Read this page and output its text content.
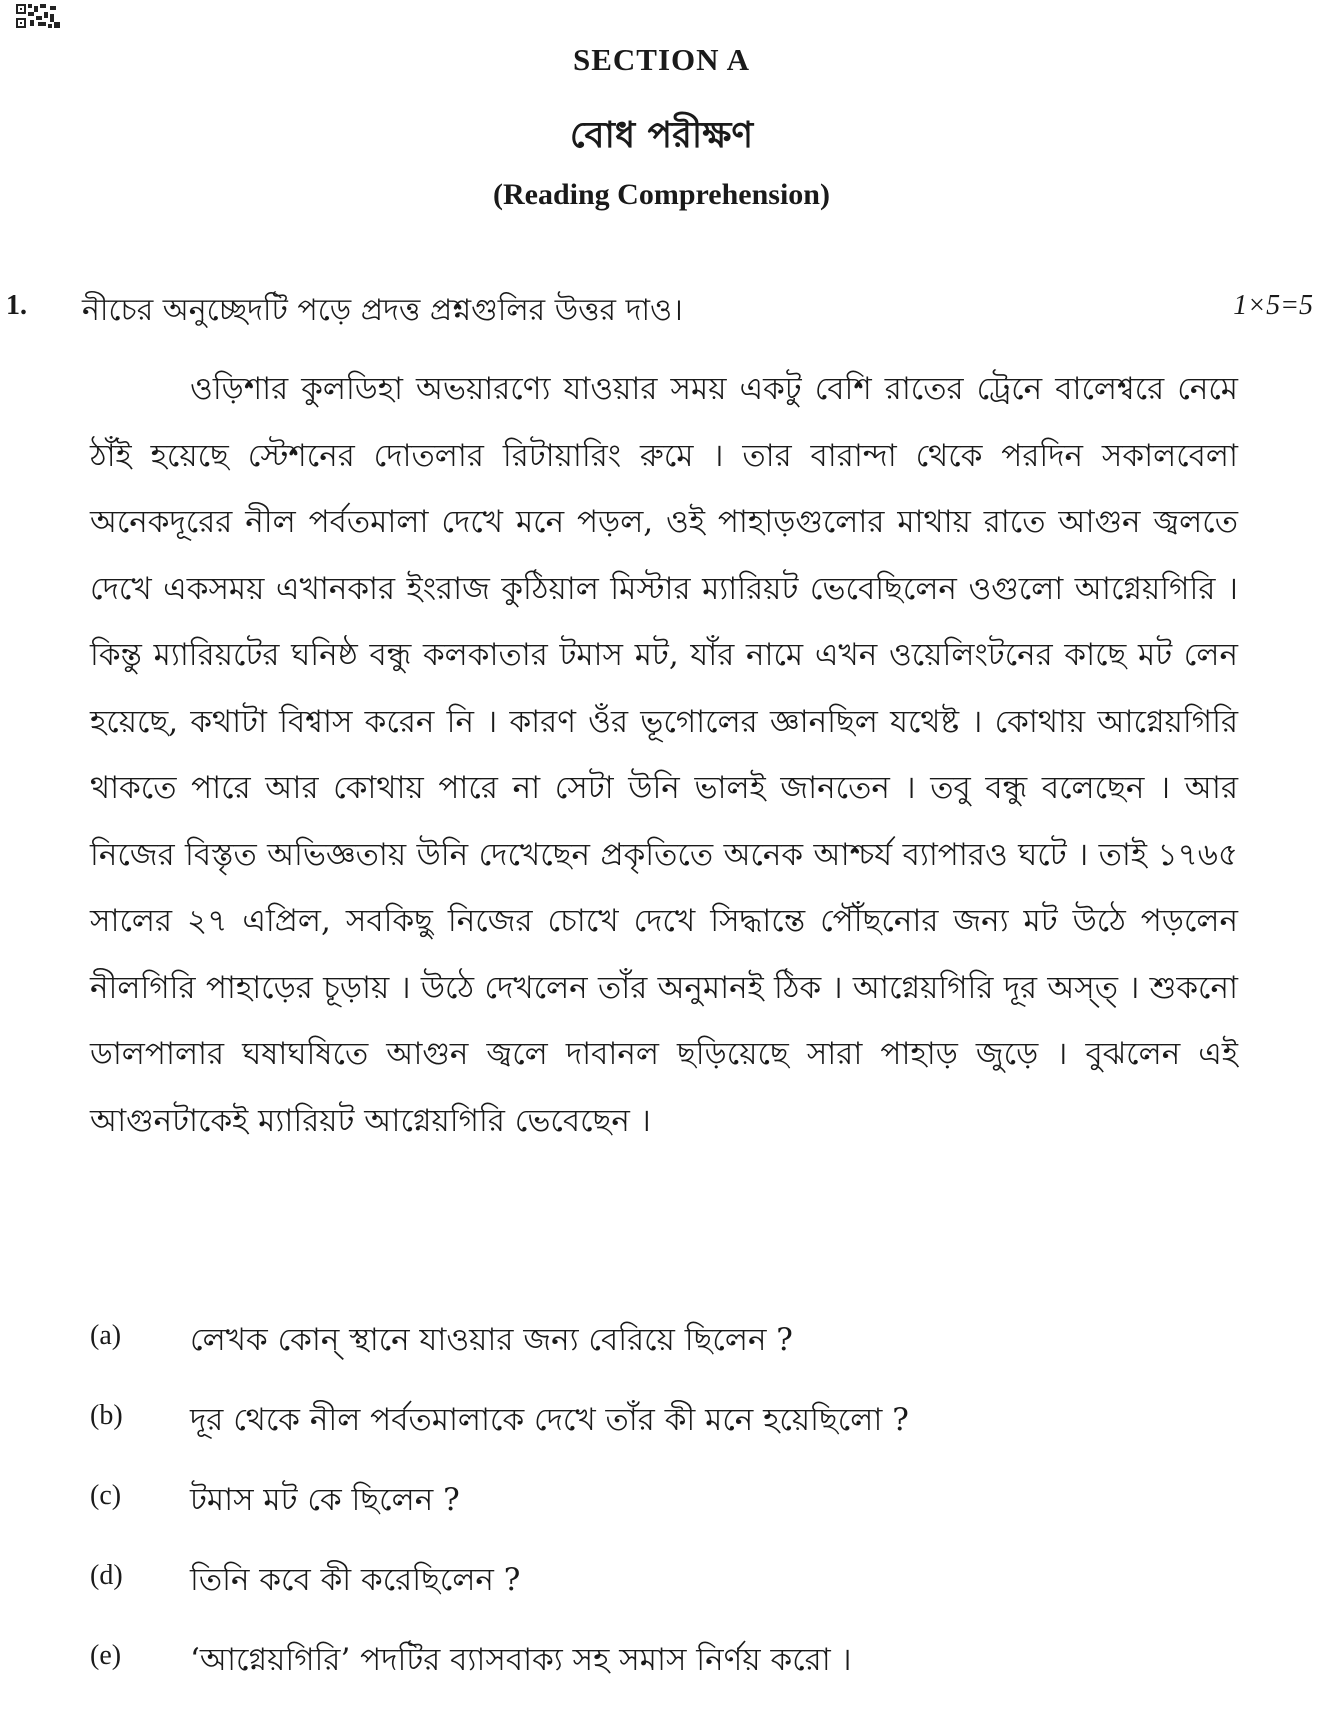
SECTION A
বোধ পরীক্ষণ
(Reading Comprehension)
1. নীচের অনুচ্ছেদটি পড়ে প্রদত্ত প্রশ্নগুলির উত্তর দাও।	1×5=5

ওড়িশার কুলডিহা অভয়ারণ্যে যাওয়ার সময় একটু বেশি রাতের ট্রেনে বালেশ্বরে নেমে ঠাঁই হয়েছে স্টেশনের দোতলার রিটায়ারিং রুমে । তার বারান্দা থেকে পরদিন সকালবেলা অনেকদূরের নীল পর্বতমালা দেখে মনে পড়ল, ওই পাহাড়গুলোর মাথায় রাতে আগুন জ্বলতে দেখে একসময় এখানকার ইংরাজ কুঠিয়াল মিস্টার ম্যারিয়ট ভেবেছিলেন ওগুলো আগ্নেয়গিরি । কিন্তু ম্যারিয়টের ঘনিষ্ঠ বন্ধু কলকাতার টমাস মট, যাঁর নামে এখন ওয়েলিংটনের কাছে মট লেন হয়েছে, কথাটা বিশ্বাস করেন নি । কারণ ওঁর ভূগোলের জ্ঞানছিল যথেষ্ট । কোথায় আগ্নেয়গিরি থাকতে পারে আর কোথায় পারে না সেটা উনি ভালই জানতেন । তবু বন্ধু বলেছেন । আর নিজের বিস্তৃত অভিজ্ঞতায় উনি দেখেছেন প্রকৃতিতে অনেক আশ্চর্য ব্যাপারও ঘটে । তাই ১৭৬৫ সালের ২৭ এপ্রিল, সবকিছু নিজের চোখে দেখে সিদ্ধান্তে পৌঁছনোর জন্য মট উঠে পড়লেন নীলগিরি পাহাড়ের চূড়ায় । উঠে দেখলেন তাঁর অনুমানই ঠিক । আগ্নেয়গিরি দূর অস্ত্ । শুকনো ডালপালার ঘষাঘষিতে আগুন জ্বলে দাবানল ছড়িয়েছে সারা পাহাড় জুড়ে । বুঝলেন এই আগুনটাকেই ম্যারিয়ট আগ্নেয়গিরি ভেবেছেন ।

(a) লেখক কোন্ স্থানে যাওয়ার জন্য বেরিয়ে ছিলেন ?
(b) দূর থেকে নীল পর্বতমালাকে দেখে তাঁর কী মনে হয়েছিলো ?
(c) টমাস মট কে ছিলেন ?
(d) তিনি কবে কী করেছিলেন ?
(e) ‘আগ্নেয়গিরি’ পদটির ব্যাসবাক্য সহ সমাস নির্ণয় করো ।
